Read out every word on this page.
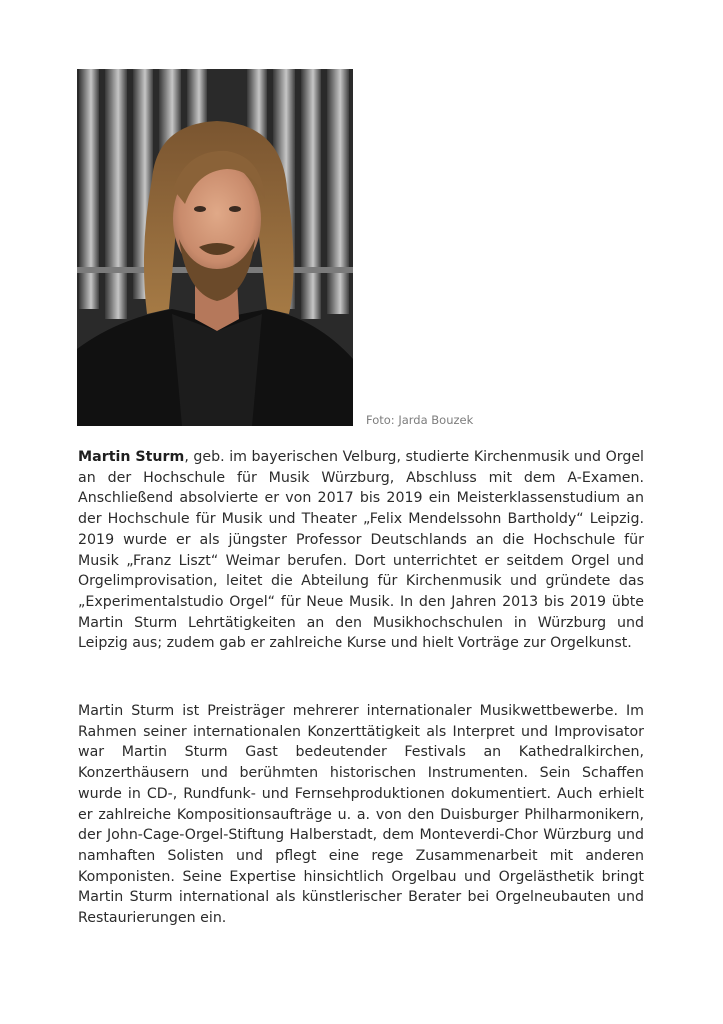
Foto: Jarda Bouzek

Martin Sturm, geb. im bayerischen Velburg, studierte Kirchenmusik und Orgel an der Hochschule für Musik Würzburg, Abschluss mit dem A-Examen. Anschließend absolvierte er von 2017 bis 2019 ein Meisterklassenstudium an der Hochschule für Musik und Theater „Felix Mendelssohn Bartholdy“ Leipzig. 2019 wurde er als jüngster Professor Deutschlands an die Hochschule für Musik „Franz Liszt“ Weimar berufen. Dort unterrichtet er seitdem Orgel und Orgelimprovisation, leitet die Abteilung für Kirchenmusik und gründete das „Experimentalstudio Orgel“ für Neue Musik. In den Jahren 2013 bis 2019 übte Martin Sturm Lehrtätigkeiten an den Musikhochschulen in Würzburg und Leipzig aus; zudem gab er zahlreiche Kurse und hielt Vorträge zur Orgelkunst.

Martin Sturm ist Preisträger mehrerer internationaler Musikwettbewerbe. Im Rahmen seiner internationalen Konzerttätigkeit als Interpret und Improvisator war Martin Sturm Gast bedeutender Festivals an Kathedralkirchen, Konzerthäusern und berühmten historischen Instrumenten. Sein Schaffen wurde in CD-, Rundfunk- und Fernsehproduktionen dokumentiert. Auch erhielt er zahlreiche Kompositionsaufträge u. a. von den Duisburger Philharmonikern, der John-Cage-Orgel-Stiftung Halberstadt, dem Monteverdi-Chor Würzburg und namhaften Solisten und pflegt eine rege Zusammenarbeit mit anderen Komponisten. Seine Expertise hinsichtlich Orgelbau und Orgelästhetik bringt Martin Sturm international als künstlerischer Berater bei Orgelneubauten und Restaurierungen ein.
